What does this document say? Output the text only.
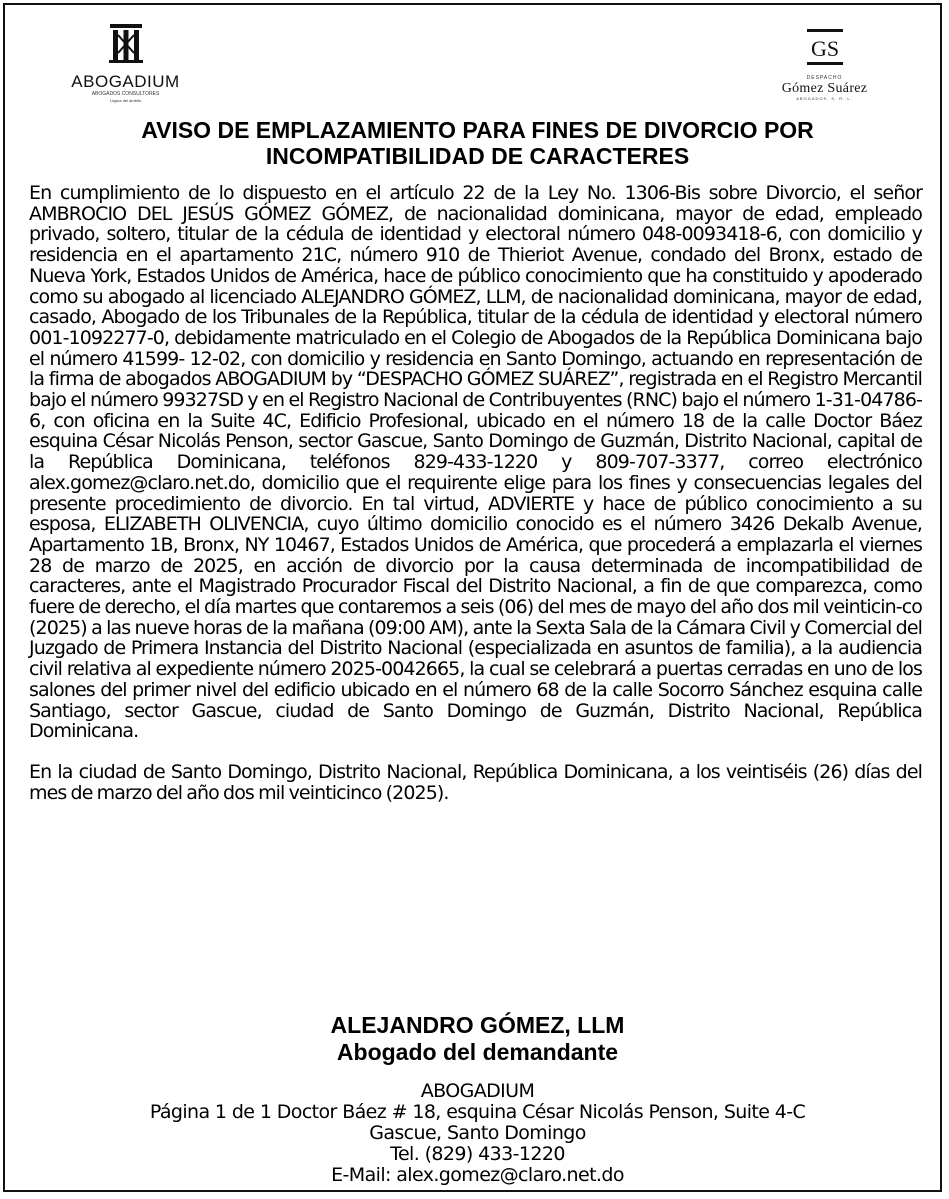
ABOGADIUM
ABOGADOS CONSULTORES
Lógica del ámbito
GS
DESPACHO
Gómez Suárez
ABOGADOS, S. R. L.
AVISO DE EMPLAZAMIENTO PARA FINES DE DIVORCIO POR
INCOMPATIBILIDAD DE CARACTERES

En cumplimiento de lo dispuesto en el artículo 22 de la Ley No. 1306-Bis sobre Divorcio, el señor AMBROCIO DEL JESÚS GÓMEZ GÓMEZ, de nacionalidad dominicana, mayor de edad, empleado privado, soltero, titular de la cédula de identidad y electoral número 048-0093418-6, con domicilio y residencia en el apartamento 21C, número 910 de Thieriot Avenue, condado del Bronx, estado de Nueva York, Estados Unidos de América, hace de público conocimiento que ha constituido y apoderado como su abogado al licenciado ALEJANDRO GÓMEZ, LLM, de nacionalidad dominicana, mayor de edad, casado, Abogado de los Tribunales de la República, titular de la cédula de identidad y electoral número 001-1092277-0, debidamente matriculado en el Colegio de Abogados de la República Dominicana bajo el número 41599- 12-02, con domicilio y residencia en Santo Domingo, actuando en representación de la firma de abogados ABOGADIUM by “DESPACHO GÓMEZ SUÁREZ”, registrada en el Registro Mercantil bajo el número 99327SD y en el Registro Nacional de Contribuyentes (RNC) bajo el número 1-31-04786-6, con oficina en la Suite 4C, Edificio Profesional, ubicado en el número 18 de la calle Doctor Báez esquina César Nicolás Penson, sector Gascue, Santo Domingo de Guzmán, Distrito Nacional, capital de la República Dominicana, teléfonos 829-433-1220 y 809-707-3377, correo electrónico alex.gomez@claro.net.do, domicilio que el requirente elige para los fines y consecuencias legales del presente procedimiento de divorcio. En tal virtud, ADVIERTE y hace de público conocimiento a su esposa, ELIZABETH OLIVENCIA, cuyo último domicilio conocido es el número 3426 Dekalb Avenue, Apartamento 1B, Bronx, NY 10467, Estados Unidos de América, que procederá a emplazarla el viernes 28 de marzo de 2025, en acción de divorcio por la causa determinada de incompatibilidad de caracteres, ante el Magistrado Procurador Fiscal del Distrito Nacional, a fin de que comparezca, como fuere de derecho, el día martes que contaremos a seis (06) del mes de mayo del año dos mil veinticin-co (2025) a las nueve horas de la mañana (09:00 AM), ante la Sexta Sala de la Cámara Civil y Comercial del Juzgado de Primera Instancia del Distrito Nacional (especializada en asuntos de familia), a la audiencia civil relativa al expediente número 2025-0042665, la cual se celebrará a puertas cerradas en uno de los salones del primer nivel del edificio ubicado en el número 68 de la calle Socorro Sánchez esquina calle Santiago, sector Gascue, ciudad de Santo Domingo de Guzmán, Distrito Nacional, República Dominicana.

En la ciudad de Santo Domingo, Distrito Nacional, República Dominicana, a los veintiséis (26) días del mes de marzo del año dos mil veinticinco (2025).

ALEJANDRO GÓMEZ, LLM
Abogado del demandante
ABOGADIUM
Página 1 de 1 Doctor Báez # 18, esquina César Nicolás Penson, Suite 4-C
Gascue, Santo Domingo
Tel. (829) 433-1220
E-Mail: alex.gomez@claro.net.do
